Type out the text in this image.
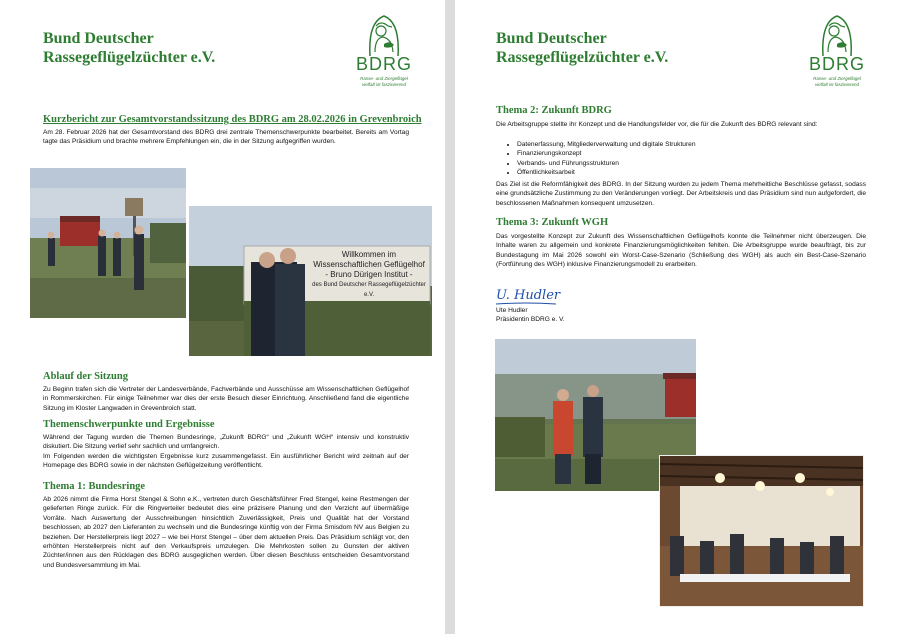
Bund Deutscher
Rassegeflügelzüchter e.V.	BDRG
Rasse- und Ziergeflügel
vielfalt ist faszinierend
Kurzbericht zur Gesamtvorstandssitzung des BDRG am 28.02.2026 in Grevenbroich
Am 28. Februar 2026 hat der Gesamtvorstand des BDRG drei zentrale Themenschwerpunkte bearbeitet. Bereits am Vortag tagte das Präsidium und brachte mehrere Empfehlungen ein, die in der Sitzung aufgegriffen wurden.
Willkommen im
Wissenschaftlichen Geflügelhof
- Bruno Dürigen Institut -
des Bund Deutscher Rassegeflügelzüchter e.V.
Ablauf der Sitzung
Zu Beginn trafen sich die Vertreter der Landesverbände, Fachverbände und Ausschüsse am Wissenschaftlichen Geflügelhof in Rommerskirchen. Für einige Teilnehmer war dies der erste Besuch dieser Einrichtung. Anschließend fand die eigentliche Sitzung im Kloster Langwaden in Grevenbroich statt.
Themenschwerpunkte und Ergebnisse

Während der Tagung wurden die Themen Bundesringe, „Zukunft BDRG“ und „Zukunft WGH“ intensiv und konstruktiv diskutiert. Die Sitzung verlief sehr sachlich und umfangreich.

Im Folgenden werden die wichtigsten Ergebnisse kurz zusammengefasst. Ein ausführlicher Bericht wird zeitnah auf der Homepage des BDRG sowie in der nächsten Geflügelzeitung veröffentlicht.

Thema 1: Bundesringe
Ab 2026 nimmt die Firma Horst Stengel & Sohn e.K., vertreten durch Geschäftsführer Fred Stengel, keine Restmengen der gelieferten Ringe zurück. Für die Ringverteiler bedeutet dies eine präzisere Planung und den Verzicht auf übermäßige Vorräte. Nach Auswertung der Ausschreibungen hinsichtlich Zuverlässigkeit, Preis und Qualität hat der Vorstand beschlossen, ab 2027 den Lieferanten zu wechseln und die Bundesringe künftig von der Firma Smisdom NV aus Belgien zu beziehen. Der Herstellerpreis liegt 2027 – wie bei Horst Stengel – über dem aktuellen Preis. Das Präsidium schlägt vor, den erhöhten Herstellerpreis nicht auf den Verkaufspreis umzulegen. Die Mehrkosten sollen zu Gunsten der aktiven Züchter/innen aus den Rücklagen des BDRG ausgeglichen werden. Über diesen Beschluss entscheiden Gesamtvorstand und Bundesversammlung im Mai.
Bund Deutscher
Rassegeflügelzüchter e.V.	BDRG
Rasse- und Ziergeflügel
vielfalt ist faszinierend
Thema 2: Zukunft BDRG
Die Arbeitsgruppe stellte ihr Konzept und die Handlungsfelder vor, die für die Zukunft des BDRG relevant sind:
• Datenerfassung, Mitgliederverwaltung und digitale Strukturen
• Finanzierungskonzept
• Verbands- und Führungsstrukturen
• Öffentlichkeitsarbeit
Das Ziel ist die Reformfähigkeit des BDRG. In der Sitzung wurden zu jedem Thema mehrheitliche Beschlüsse gefasst, sodass eine grundsätzliche Zustimmung zu den Veränderungen vorliegt. Der Arbeitskreis und das Präsidium sind nun aufgefordert, die beschlossenen Maßnahmen konsequent umzusetzen.
Thema 3: Zukunft WGH
Das vorgestellte Konzept zur Zukunft des Wissenschaftlichen Geflügelhofs konnte die Teilnehmer nicht überzeugen. Die Inhalte waren zu allgemein und konkrete Finanzierungsmöglichkeiten fehlten. Die Arbeitsgruppe wurde beauftragt, bis zur Bundestagung im Mai 2026 sowohl ein Worst-Case-Szenario (Schließung des WGH) als auch ein Best-Case-Szenario (Fortführung des WGH) inklusive Finanzierungsmodell zu erarbeiten.
U. Hudler
Ute Hudler
Präsidentin BDRG e. V.
